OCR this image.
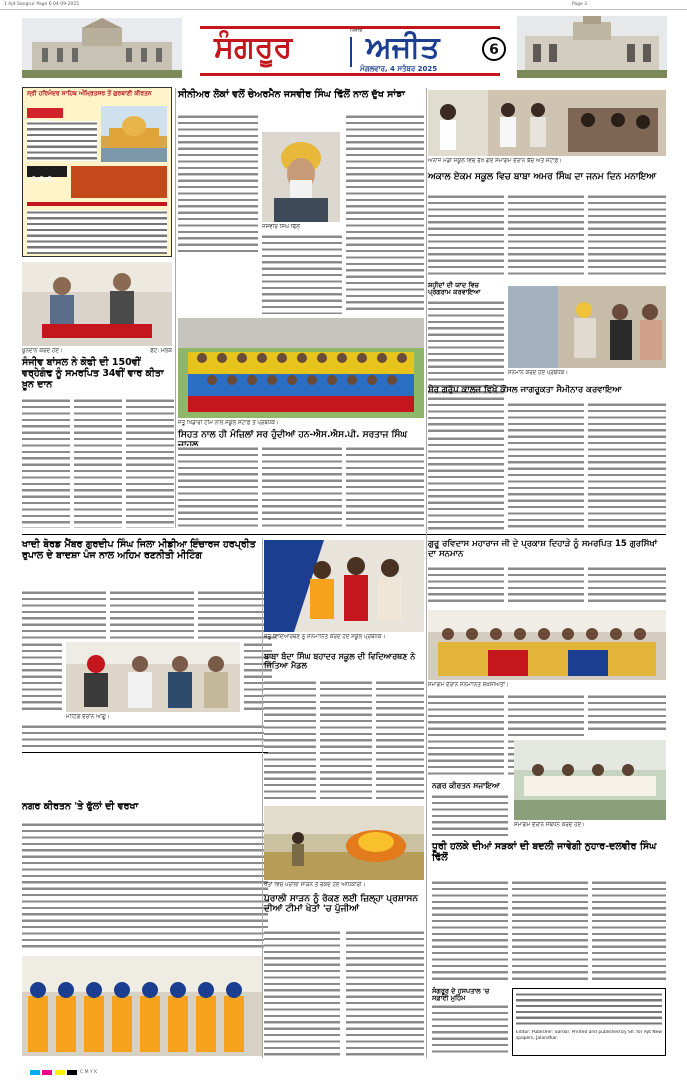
1 Ajit Sangrur Page 6 04-09-2025	Page 3
ਅਜੀਤ
ਸੰਗਰੂਰ ਅਜੀਤ
ਮੰਗਲਵਾਰ, 4 ਸਤੰਬਰ 2025
6
ਸ੍ਰੀ ਹਰਿਮੰਦਰ ਸਾਹਿਬ ਅੰਮ੍ਰਿਤਸਰ ਤੋਂ ਗੁਰਬਾਣੀ ਕੀਰਤਨ
ਪੀ.ਟੀ.ਸੀ.
ਸੀਨੀਅਰ ਲੋਕਾਂ ਵਲੋਂ ਚੇਅਰਮੈਨ ਜਸਵੀਰ ਸਿੰਘ ਢਿੱਲੋਂ ਨਾਲ ਦੁੱਖ ਸਾਂਝਾ
ਜਸਵੀਰ ਸਿੰਘ ਢਿੱਲੋਂ
ਅਨਾਜ ਮੰਡੀ ਸਕੂਲ ਵਿਚ ਰੱਖੇ ਗਏ ਸਮਾਗਮ ਦੌਰਾਨ ਬੱਚੇ ਅਤੇ ਸਟਾਫ਼।
ਅਕਾਲ ਏਕਮ ਸਕੂਲ ਵਿਚ ਬਾਬਾ ਅਮਰ ਸਿੰਘ ਦਾ ਜਨਮ ਦਿਨ ਮਨਾਇਆ
ਖ਼ੂਨਦਾਨ ਕਰਦੇ ਹੋਏ।	ਫੋਟੋ: ਮਲਕ
ਜੇਤੂ ਖਿਡਾਰੀ ਟੀਮ ਨਾਲ ਸਕੂਲ ਸਟਾਫ਼ ਤੇ ਪ੍ਰਬੰਧਕ।
ਸ਼ਹੀਦਾਂ ਦੀ ਯਾਦ ਵਿਚ ਪ੍ਰੋਗਰਾਮ ਕਰਵਾਇਆ
ਸਨਮਾਨ ਕਰਦੇ ਹੋਏ ਪ੍ਰਬੰਧਕ।
ਸੰਜੀਵ ਬਾਂਸਲ ਨੇ ਕੋਫੀ ਦੀ 150ਵੀਂ ਵਰ੍ਹੇਗੰਢ ਨੂੰ ਸਮਰਪਿਤ 34ਵੀਂ ਵਾਰ ਕੀਤਾ ਖ਼ੂਨ ਦਾਨ
ਸਿਹਤ ਨਾਲ ਹੀ ਮੰਜ਼ਿਲਾਂ ਸਰ ਹੁੰਦੀਆਂ ਹਨ-ਐਸ.ਐਸ.ਪੀ. ਸਰਤਾਜ ਸਿੰਘ
ਸ਼ੇਰ ਗਰੁੱਪ ਕਾਲਜ ਵਿਖੇ ਕੌਂਸਲ ਜਾਗਰੂਕਤਾ ਸੈਮੀਨਾਰ ਕਰਵਾਇਆ
ਖਾਦੀ ਬੋਰਡ ਮੈਂਬਰ ਗੁਰਦੀਪ ਸਿੰਘ ਜਿਲਾ ਮੀਡੀਆ ਇੰਚਾਰਜ ਹਰਪ੍ਰੀਤ ਰੁਪਾਲ ਦੇ ਬਾਦਸ਼ਾ ਪੰਜ ਨਾਲ ਅਹਿਮ ਰਣਨੀਤੀ ਮੀਟਿੰਗ
ਮੀਟਿੰਗ ਦੌਰਾਨ ਆਗੂ।
ਜੇਤੂ ਵਿਦਿਆਰਥਣ ਨੂੰ ਸਨਮਾਨਿਤ ਕਰਦੇ ਹੋਏ ਸਕੂਲ ਪ੍ਰਬੰਧਕ।
ਬਾਬਾ ਬੰਦਾ ਸਿੰਘ ਬਹਾਦਰ ਸਕੂਲ ਦੀ ਵਿਦਿਆਰਥਣ ਨੇ ਜਿੱਤਿਆ ਮੈਡਲ
ਗੁਰੂ ਰਵਿਦਾਸ ਮਹਾਰਾਜ ਜੀ ਦੇ ਪ੍ਰਕਾਸ਼ ਦਿਹਾੜੇ ਨੂੰ ਸਮਰਪਿਤ 15 ਗੁਰਸਿੱਖਾਂ ਦਾ ਸਨਮਾਨ
ਸਮਾਗਮ ਦੌਰਾਨ ਸਨਮਾਨਿਤ ਸ਼ਖ਼ਸੀਅਤਾਂ।
ਨਗਰ ਕੀਰਤਨ ਸਜਾਇਆ
ਸਮਾਗਮ ਦੌਰਾਨ ਸੰਬੋਧਨ ਕਰਦੇ ਹੋਏ।
ਨਗਰ ਕੀਰਤਨ 'ਤੇ ਫੁੱਲਾਂ ਦੀ ਵਰਖਾ
ਖੇਤਾਂ ਵਿਚ ਪਰਾਲੀ ਸਾੜਨ ਤੋਂ ਰੋਕਦੇ ਹੋਏ ਅਧਿਕਾਰੀ।
ਪਰਾਲੀ ਸਾੜਨ ਨੂੰ ਰੋਕਣ ਲਈ ਜ਼ਿਲ੍ਹਾ ਪ੍ਰਸ਼ਾਸਨ ਦੀਆਂ ਟੀਮਾਂ ਖੇਤਾਂ 'ਚ ਪੁੱਜੀਆਂ
ਧੂਰੀ ਹਲਕੇ ਦੀਆਂ ਸੜਕਾਂ ਦੀ ਬਦਲੀ ਜਾਵੇਗੀ ਨੁਹਾਰ-ਦਲਵੀਰ ਸਿੰਘ ਢਿੱਲੋਂ
Editor: Publisher: Sardar. Printed and published by Sh. for Ajit Newspapers, Jalandhar.
ਸੰਗਰੂਰ ਦੇ ਹਸਪਤਾਲ 'ਚ ਸਫ਼ਾਈ ਮੁਹਿੰਮ

C M Y K
